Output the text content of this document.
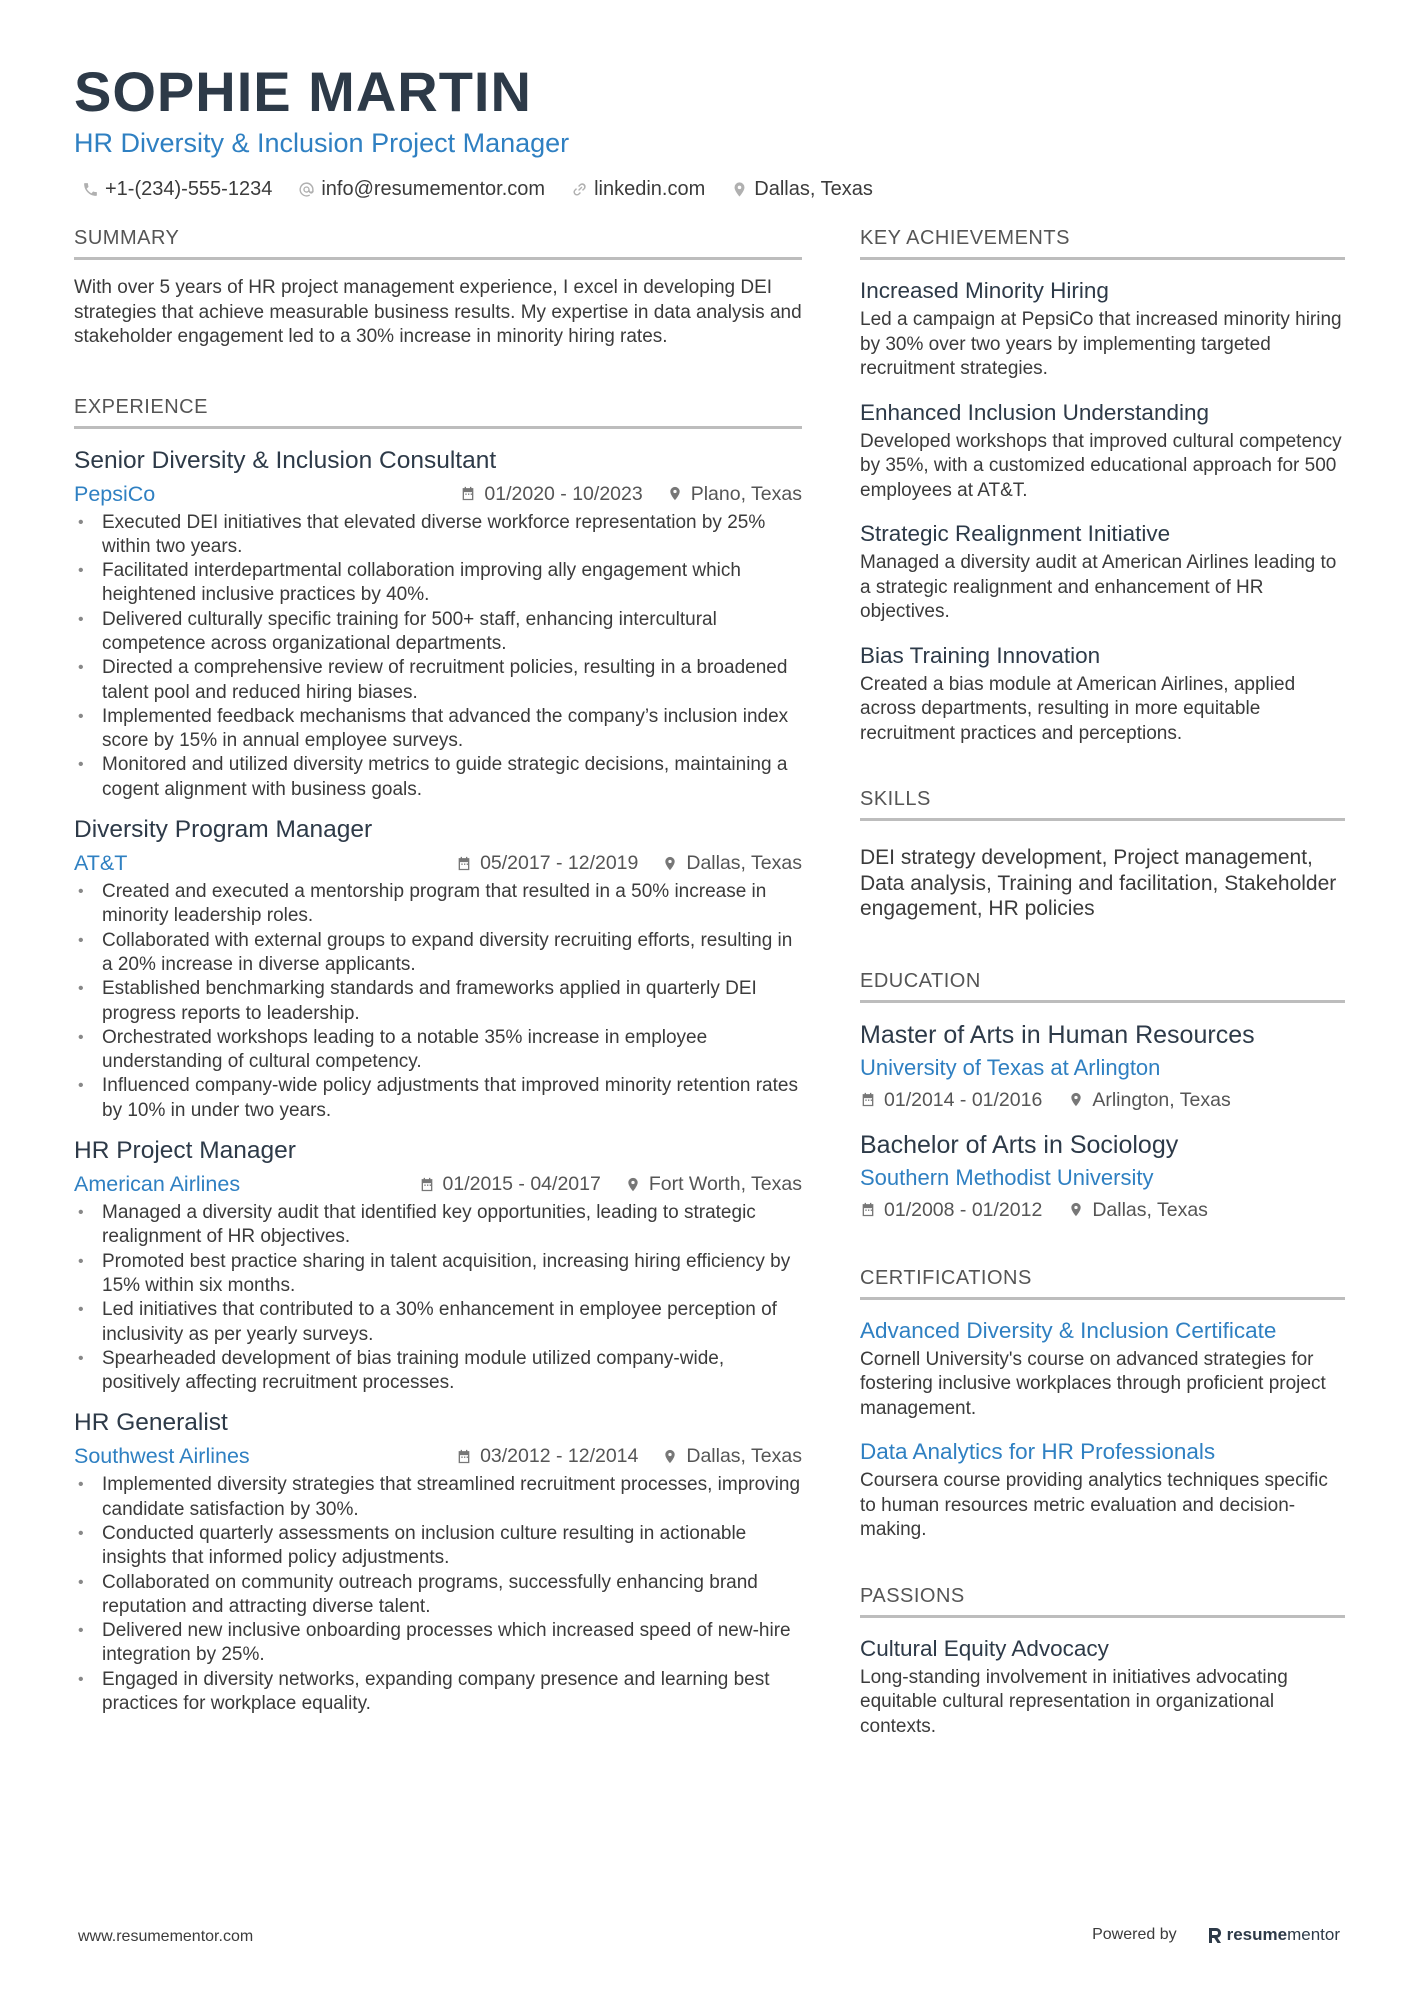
SOPHIE MARTIN
HR Diversity & Inclusion Project Manager
+1-(234)-555-1234 info@resumementor.com linkedin.com Dallas, Texas
SUMMARY
With over 5 years of HR project management experience, I excel in developing DEI strategies that achieve measurable business results. My expertise in data analysis and stakeholder engagement led to a 30% increase in minority hiring rates.
EXPERIENCE
Senior Diversity & Inclusion Consultant
PepsiCo	01/2020 - 10/2023 Plano, Texas
• Executed DEI initiatives that elevated diverse workforce representation by 25% within two years.
• Facilitated interdepartmental collaboration improving ally engagement which heightened inclusive practices by 40%.
• Delivered culturally specific training for 500+ staff, enhancing intercultural competence across organizational departments.
• Directed a comprehensive review of recruitment policies, resulting in a broadened talent pool and reduced hiring biases.
• Implemented feedback mechanisms that advanced the company’s inclusion index score by 15% in annual employee surveys.
• Monitored and utilized diversity metrics to guide strategic decisions, maintaining a cogent alignment with business goals.
Diversity Program Manager
AT&T	05/2017 - 12/2019 Dallas, Texas
• Created and executed a mentorship program that resulted in a 50% increase in minority leadership roles.
• Collaborated with external groups to expand diversity recruiting efforts, resulting in a 20% increase in diverse applicants.
• Established benchmarking standards and frameworks applied in quarterly DEI progress reports to leadership.
• Orchestrated workshops leading to a notable 35% increase in employee understanding of cultural competency.
• Influenced company-wide policy adjustments that improved minority retention rates by 10% in under two years.
HR Project Manager
American Airlines	01/2015 - 04/2017 Fort Worth, Texas
• Managed a diversity audit that identified key opportunities, leading to strategic realignment of HR objectives.
• Promoted best practice sharing in talent acquisition, increasing hiring efficiency by 15% within six months.
• Led initiatives that contributed to a 30% enhancement in employee perception of inclusivity as per yearly surveys.
• Spearheaded development of bias training module utilized company-wide, positively affecting recruitment processes.
HR Generalist
Southwest Airlines	03/2012 - 12/2014 Dallas, Texas
• Implemented diversity strategies that streamlined recruitment processes, improving candidate satisfaction by 30%.
• Conducted quarterly assessments on inclusion culture resulting in actionable insights that informed policy adjustments.
• Collaborated on community outreach programs, successfully enhancing brand reputation and attracting diverse talent.
• Delivered new inclusive onboarding processes which increased speed of new-hire integration by 25%.
• Engaged in diversity networks, expanding company presence and learning best practices for workplace equality.
KEY ACHIEVEMENTS
Increased Minority Hiring
Led a campaign at PepsiCo that increased minority hiring by 30% over two years by implementing targeted recruitment strategies.
Enhanced Inclusion Understanding
Developed workshops that improved cultural competency by 35%, with a customized educational approach for 500 employees at AT&T.
Strategic Realignment Initiative
Managed a diversity audit at American Airlines leading to a strategic realignment and enhancement of HR objectives.
Bias Training Innovation
Created a bias module at American Airlines, applied across departments, resulting in more equitable recruitment practices and perceptions.
SKILLS
DEI strategy development, Project management, Data analysis, Training and facilitation, Stakeholder engagement, HR policies
EDUCATION
Master of Arts in Human Resources
University of Texas at Arlington
01/2014 - 01/2016	Arlington, Texas
Bachelor of Arts in Sociology
Southern Methodist University
01/2008 - 01/2012	Dallas, Texas
CERTIFICATIONS
Advanced Diversity & Inclusion Certificate
Cornell University's course on advanced strategies for fostering inclusive workplaces through proficient project management.
Data Analytics for HR Professionals
Coursera course providing analytics techniques specific to human resources metric evaluation and decision-making.
PASSIONS
Cultural Equity Advocacy
Long-standing involvement in initiatives advocating equitable cultural representation in organizational contexts.
www.resumementor.com	Powered by	resume mentor
